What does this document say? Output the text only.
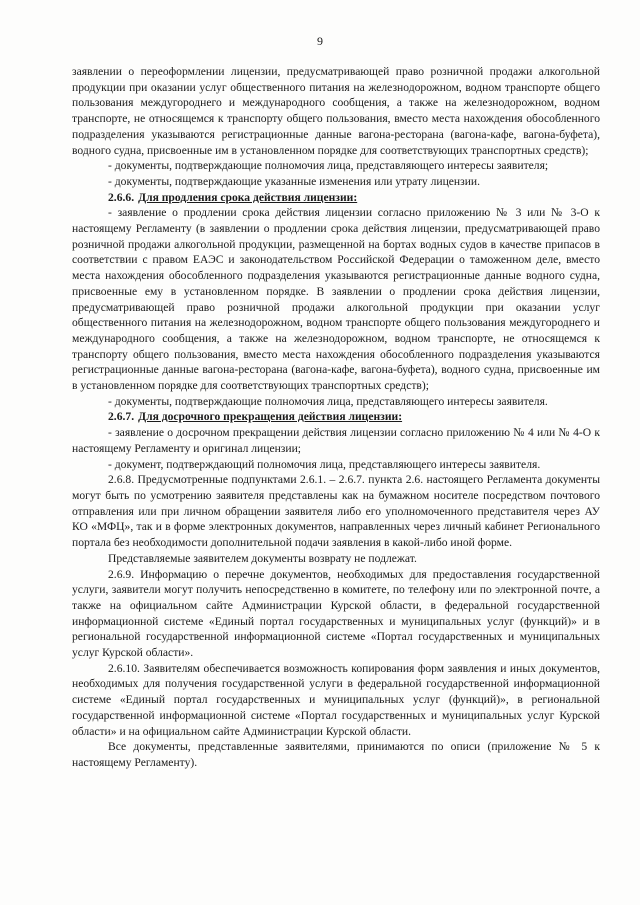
9

заявлении о переоформлении лицензии, предусматривающей право розничной продажи алкогольной продукции при оказании услуг общественного питания на железнодорожном, водном транспорте общего пользования междугороднего и международного сообщения, а также на железнодорожном, водном транспорте, не относящемся к транспорту общего пользования, вместо места нахождения обособленного подразделения указываются регистрационные данные вагона-ресторана (вагона-кафе, вагона-буфета), водного судна, присвоенные им в установленном порядке для соответствующих транспортных средств);

- документы, подтверждающие полномочия лица, представляющего интересы заявителя;

- документы, подтверждающие указанные изменения или утрату лицензии.

2.6.6. Для продления срока действия лицензии:

- заявление о продлении срока действия лицензии согласно приложению № 3 или № 3-О к настоящему Регламенту (в заявлении о продлении срока действия лицензии, предусматривающей право розничной продажи алкогольной продукции, размещенной на бортах водных судов в качестве припасов в соответствии с правом ЕАЭС и законодательством Российской Федерации о таможенном деле, вместо места нахождения обособленного подразделения указываются регистрационные данные водного судна, присвоенные ему в установленном порядке. В заявлении о продлении срока действия лицензии, предусматривающей право розничной продажи алкогольной продукции при оказании услуг общественного питания на железнодорожном, водном транспорте общего пользования междугороднего и международного сообщения, а также на железнодорожном, водном транспорте, не относящемся к транспорту общего пользования, вместо места нахождения обособленного подразделения указываются регистрационные данные вагона-ресторана (вагона-кафе, вагона-буфета), водного судна, присвоенные им в установленном порядке для соответствующих транспортных средств);

- документы, подтверждающие полномочия лица, представляющего интересы заявителя.

2.6.7. Для досрочного прекращения действия лицензии:

- заявление о досрочном прекращении действия лицензии согласно приложению № 4 или № 4-О к настоящему Регламенту и оригинал лицензии;

- документ, подтверждающий полномочия лица, представляющего интересы заявителя.

2.6.8. Предусмотренные подпунктами 2.6.1. – 2.6.7. пункта 2.6. настоящего Регламента документы могут быть по усмотрению заявителя представлены как на бумажном носителе посредством почтового отправления или при личном обращении заявителя либо его уполномоченного представителя через АУ КО «МФЦ», так и в форме электронных документов, направленных через личный кабинет Регионального портала без необходимости дополнительной подачи заявления в какой-либо иной форме.

Представляемые заявителем документы возврату не подлежат.

2.6.9. Информацию о перечне документов, необходимых для предоставления государственной услуги, заявители могут получить непосредственно в комитете, по телефону или по электронной почте, а также на официальном сайте Администрации Курской области, в федеральной государственной информационной системе «Единый портал государственных и муниципальных услуг (функций)» и в региональной государственной информационной системе «Портал государственных и муниципальных услуг Курской области».

2.6.10. Заявителям обеспечивается возможность копирования форм заявления и иных документов, необходимых для получения государственной услуги в федеральной государственной информационной системе «Единый портал государственных и муниципальных услуг (функций)», в региональной государственной информационной системе «Портал государственных и муниципальных услуг Курской области» и на официальном сайте Администрации Курской области.

Все документы, представленные заявителями, принимаются по описи (приложение № 5 к настоящему Регламенту).
